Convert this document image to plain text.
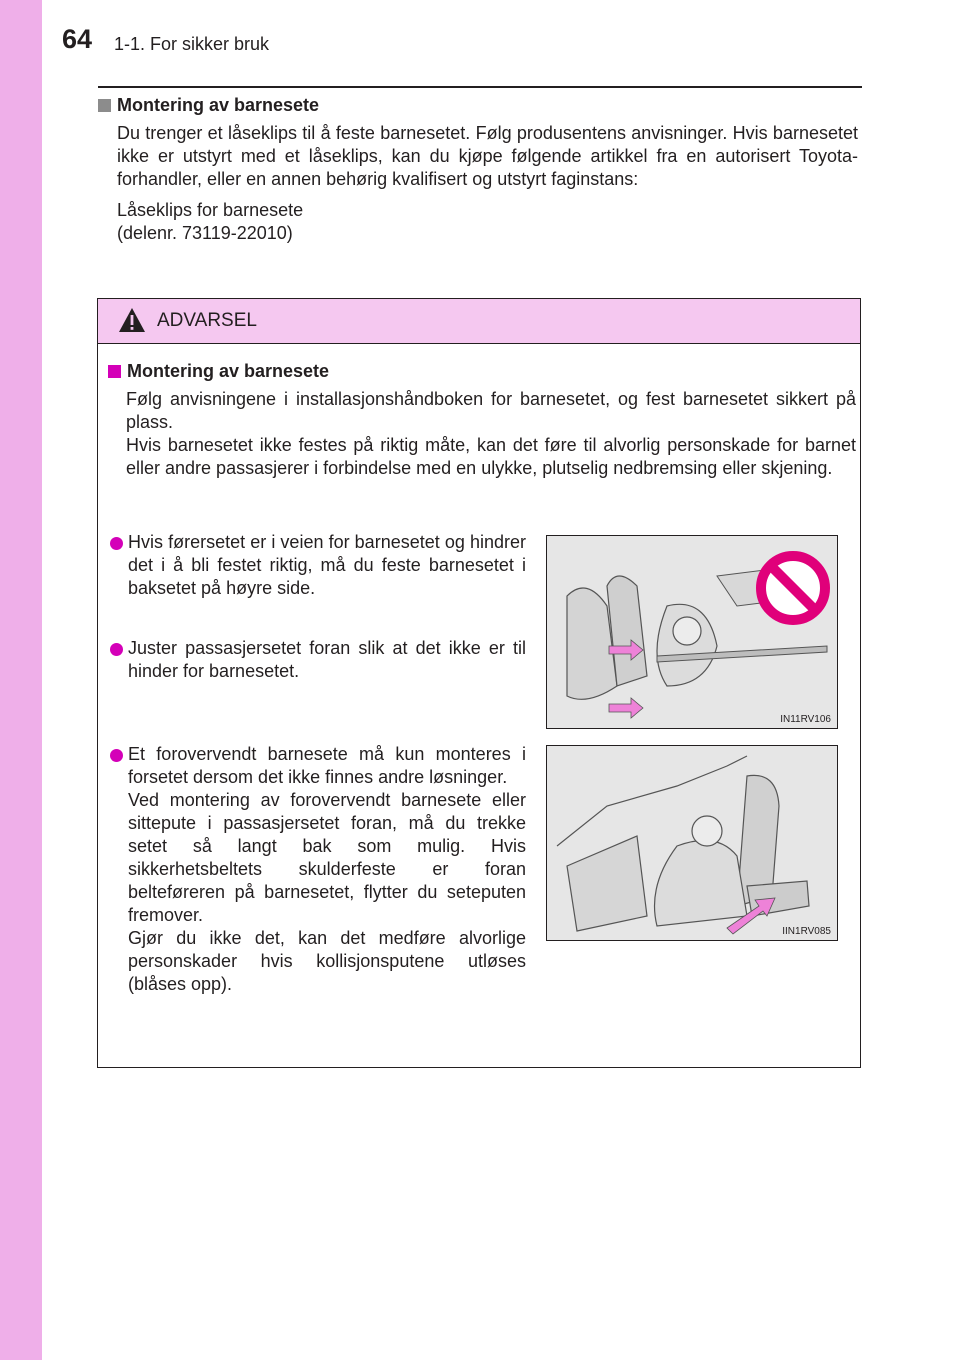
64 1-1. For sikker bruk
Montering av barnesete
Du trenger et låseklips til å feste barnesetet. Følg produsentens anvisninger. Hvis barnesetet ikke er utstyrt med et låseklips, kan du kjøpe følgende artikkel fra en autorisert Toyota-forhandler, eller en annen behørig kvalifisert og utstyrt faginstans:
Låseklips for barnesete
(delenr. 73119-22010)
ADVARSEL
Montering av barnesete
Følg anvisningene i installasjonshåndboken for barnesetet, og fest barnesetet sikkert på plass.
Hvis barnesetet ikke festes på riktig måte, kan det føre til alvorlig personskade for barnet eller andre passasjerer i forbindelse med en ulykke, plutselig nedbremsing eller skjening.
Hvis førersetet er i veien for barnesetet og hindrer det i å bli festet riktig, må du feste barnesetet i baksetet på høyre side.
Juster passasjersetet foran slik at det ikke er til hinder for barnesetet.
Et forovervendt barnesete må kun monteres i forsetet dersom det ikke finnes andre løsninger.
Ved montering av forovervendt barnesete eller sittepute i passasjersetet foran, må du trekke setet så langt bak som mulig. Hvis sikkerhetsbeltets skulderfeste er foran belteføreren på barnesetet, flytter du seteputen fremover.
Gjør du ikke det, kan det medføre alvorlige personskader hvis kollisjonsputene utløses (blåses opp).
IN11RV106
IIN1RV085
